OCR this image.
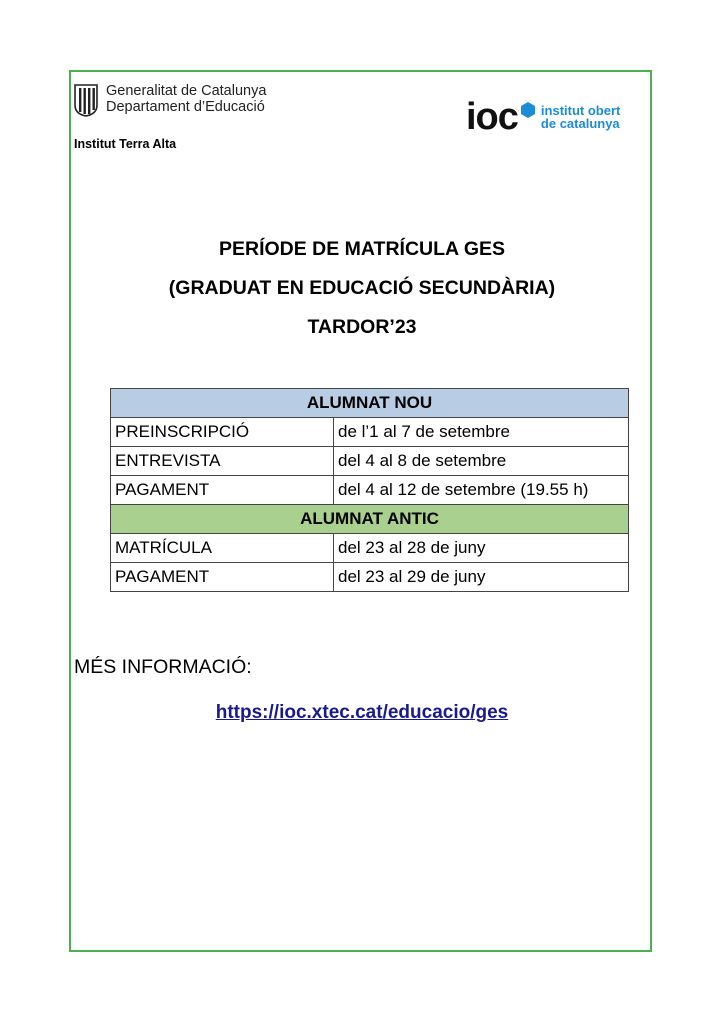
Generalitat de Catalunya
Departament d’Educació
Institut Terra Alta
ioc institut obert
de catalunya
PERÍODE DE MATRÍCULA GES
(GRADUAT EN EDUCACIÓ SECUNDÀRIA)
TARDOR’23
ALUMNAT NOU	
PREINSCRIPCIÓ	de l’1 al 7 de setembre
ENTREVISTA	del 4 al 8 de setembre
PAGAMENT	del 4 al 12 de setembre (19.55 h)
ALUMNAT ANTIC	
MATRÍCULA	del 23 al 28 de juny
PAGAMENT	del 23 al 29 de juny
MÉS INFORMACIÓ:
https://ioc.xtec.cat/educacio/ges
